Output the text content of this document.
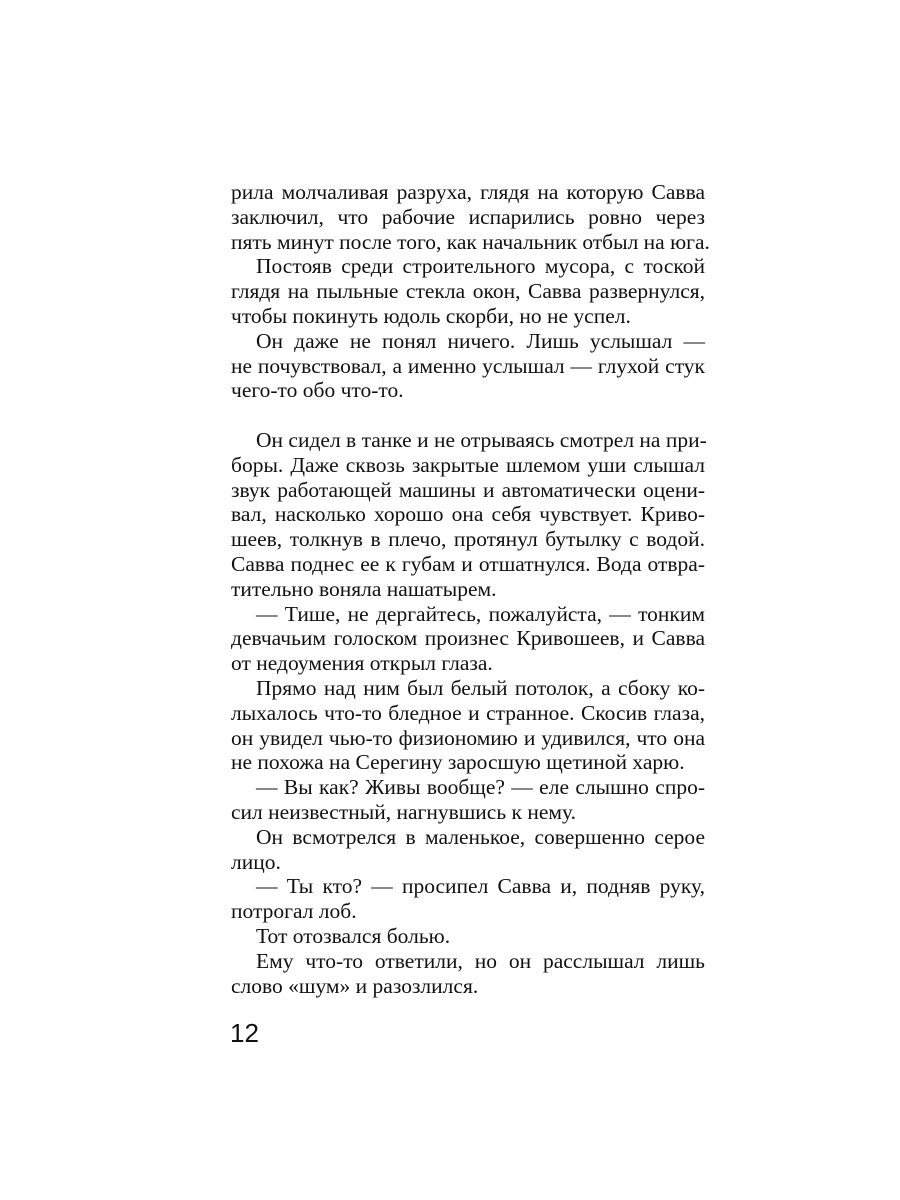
рила молчаливая разруха, глядя на которую Савва
заключил, что рабочие испарились ровно через
пять минут после того, как начальник отбыл на юга.
Постояв среди строительного мусора, с тоской
глядя на пыльные стекла окон, Савва развернулся,
чтобы покинуть юдоль скорби, но не успел.
Он даже не понял ничего. Лишь услышал —
не почувствовал, а именно услышал — глухой стук
чего-то обо что-то.
Он сидел в танке и не отрываясь смотрел на при-
боры. Даже сквозь закрытые шлемом уши слышал
звук работающей машины и автоматически оцени-
вал, насколько хорошо она себя чувствует. Криво-
шеев, толкнув в плечо, протянул бутылку с водой.
Савва поднес ее к губам и отшатнулся. Вода отвра-
тительно воняла нашатырем.
— Тише, не дергайтесь, пожалуйста, — тонким
девчачьим голоском произнес Кривошеев, и Савва
от недоумения открыл глаза.
Прямо над ним был белый потолок, а сбоку ко-
лыхалось что-то бледное и странное. Скосив глаза,
он увидел чью-то физиономию и удивился, что она
не похожа на Серегину заросшую щетиной харю.
— Вы как? Живы вообще? — еле слышно спро-
сил неизвестный, нагнувшись к нему.
Он всмотрелся в маленькое, совершенно серое
лицо.
— Ты кто? — просипел Савва и, подняв руку,
потрогал лоб.
Тот отозвался болью.
Ему что-то ответили, но он расслышал лишь
слово «шум» и разозлился.
12
